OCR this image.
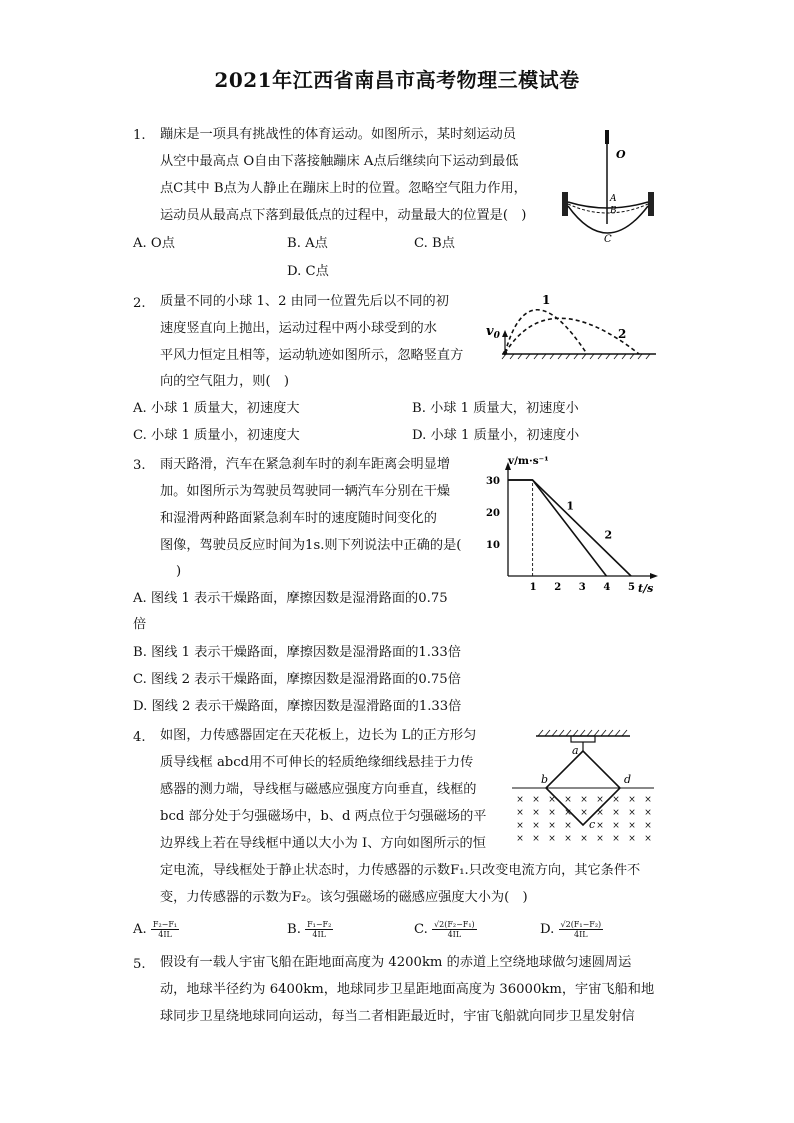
2021年江西省南昌市高考物理三模试卷
1. 蹦床是一项具有挑战性的体育运动。如图所示，某时刻运动员
从空中最高点 O自由下落接触蹦床 A点后继续向下运动到最低
点C其中 B点为人静止在蹦床上时的位置。忽略空气阻力作用，
运动员从最高点下落到最低点的过程中，动量最大的位置是(　)
A. O点	B. A点	C. B点
D. C点
O
A
B
C
2. 质量不同的小球 1、2 由同一位置先后以不同的初
速度竖直向上抛出，运动过程中两小球受到的水
平风力恒定且相等，运动轨迹如图所示，忽略竖直方
向的空气阻力，则(　)
A. 小球 1 质量大，初速度大	B. 小球 1 质量大，初速度小
C. 小球 1 质量小，初速度大	D. 小球 1 质量小，初速度小
$v_0$
1
2
3. 雨天路滑，汽车在紧急刹车时的刹车距离会明显增
加。如图所示为驾驶员驾驶同一辆汽车分别在干燥
和湿滑两种路面紧急刹车时的速度随时间变化的
图像，驾驶员反应时间为1s.则下列说法中正确的是(
)
A. 图线 1 表示干燥路面，摩擦因数是湿滑路面的0.75
倍
B. 图线 1 表示干燥路面，摩擦因数是湿滑路面的1.33倍
C. 图线 2 表示干燥路面，摩擦因数是湿滑路面的0.75倍
D. 图线 2 表示干燥路面，摩擦因数是湿滑路面的1.33倍
v/m·s⁻¹
t/s
10
20
30
1 2 3 4 5
1
2
4. 如图，力传感器固定在天花板上，边长为 L的正方形匀
质导线框 abcd用不可伸长的轻质绝缘细线悬挂于力传
感器的测力端，导线框与磁感应强度方向垂直，线框的
bcd 部分处于匀强磁场中，b、d 两点位于匀强磁场的平
边界线上若在导线框中通以大小为 I、方向如图所示的恒
定电流，导线框处于静止状态时，力传感器的示数F₁.只改变电流方向，其它条件不
变，力传感器的示数为F₂。该匀强磁场的磁感应强度大小为(　)
A. $\frac{\text{F₂−F₁}}{4IL}$	B. $\frac{\text{F₁−F₂}}{4IL}$	C. $\frac{\text{√2(F₂−F₁)}}{4IL}$	D. $\frac{\text{√2(F₁−F₂)}}{4IL}$
× × × × × × × × ×
× × × × × × × × ×
× × × ×	× × × ×
× × × × × × × × ×
a
b
c
d
5. 假设有一载人宇宙飞船在距地面高度为 4200km 的赤道上空绕地球做匀速圆周运
动，地球半径约为 6400km，地球同步卫星距地面高度为 36000km，宇宙飞船和地
球同步卫星绕地球同向运动，每当二者相距最近时，宇宙飞船就向同步卫星发射信
